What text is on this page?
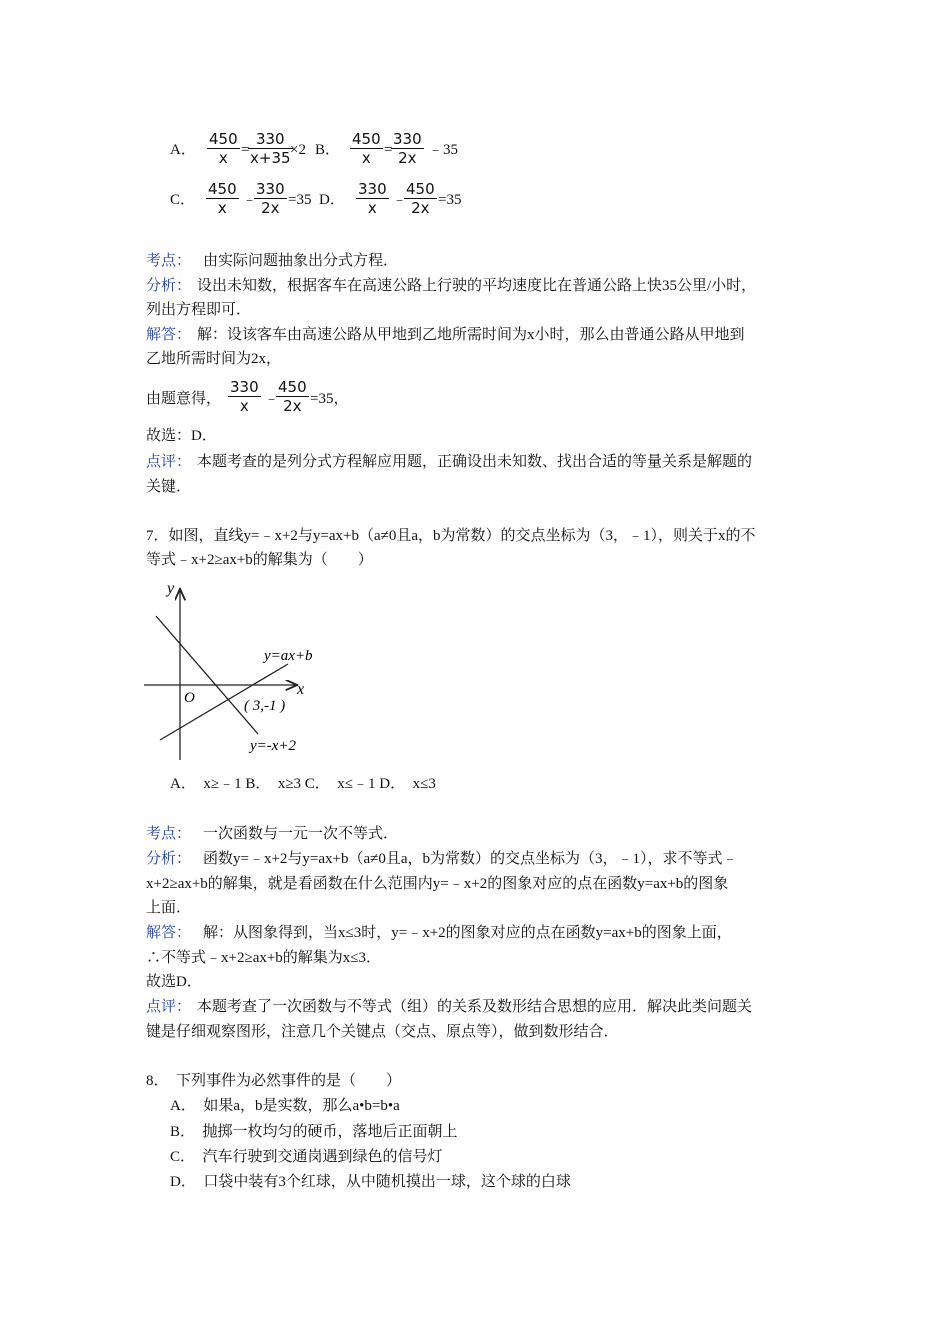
A． $\frac{450}{x}$ =
$\frac{330}{x+35}$
×2 B． $\frac{450}{x}$ =
$\frac{330}{2x}$ ﹣35
C． $\frac{450}{x}$ ﹣
$\frac{330}{2x} =35$ D． $\frac{330}{x}$ ﹣
$\frac{450}{2x} =35$
考点： 由实际问题抽象出分式方程．
分析： 设出未知数，根据客车在高速公路上行驶的平均速度比在普通公路上快35公里/小时，
列出方程即可．
解答： 解：设该客车由高速公路从甲地到乙地所需时间为x小时，那么由普通公路从甲地到
乙地所需时间为2x，
由题意得， $\frac{330}{x}$ ﹣
$\frac{450}{2x} =35$，
故选：D．
点评： 本题考查的是列分式方程解应用题，正确设出未知数、找出合适的等量关系是解题的
关键．
7．如图，直线y=﹣x+2与y=ax+b（a≠0且a，b为常数）的交点坐标为（3，﹣1），则关于x的不
等式﹣x+2≥ax+b的解集为（　　）
y
x
O
y=ax+b
y=-x+2
( 3,-1 )
A．　x≥﹣1 B．　x≥3 C．　x≤﹣1 D．　x≤3
考点： 一次函数与一元一次不等式．
分析： 函数y=﹣x+2与y=ax+b（a≠0且a，b为常数）的交点坐标为（3，﹣1），求不等式﹣
x+2≥ax+b的解集，就是看函数在什么范围内y=﹣x+2的图象对应的点在函数y=ax+b的图象
上面．
解答： 解：从图象得到，当x≤3时，y=﹣x+2的图象对应的点在函数y=ax+b的图象上面，
∴不等式﹣x+2≥ax+b的解集为x≤3．
故选D．
点评： 本题考查了一次函数与不等式（组）的关系及数形结合思想的应用．解决此类问题关
键是仔细观察图形，注意几个关键点（交点、原点等），做到数形结合．
8．　下列事件为必然事件的是（　　）
A．　如果a，b是实数，那么a•b=b•a
B．　抛掷一枚均匀的硬币，落地后正面朝上
C．　汽车行驶到交通岗遇到绿色的信号灯
D．　口袋中装有3个红球，从中随机摸出一球，这个球的白球
